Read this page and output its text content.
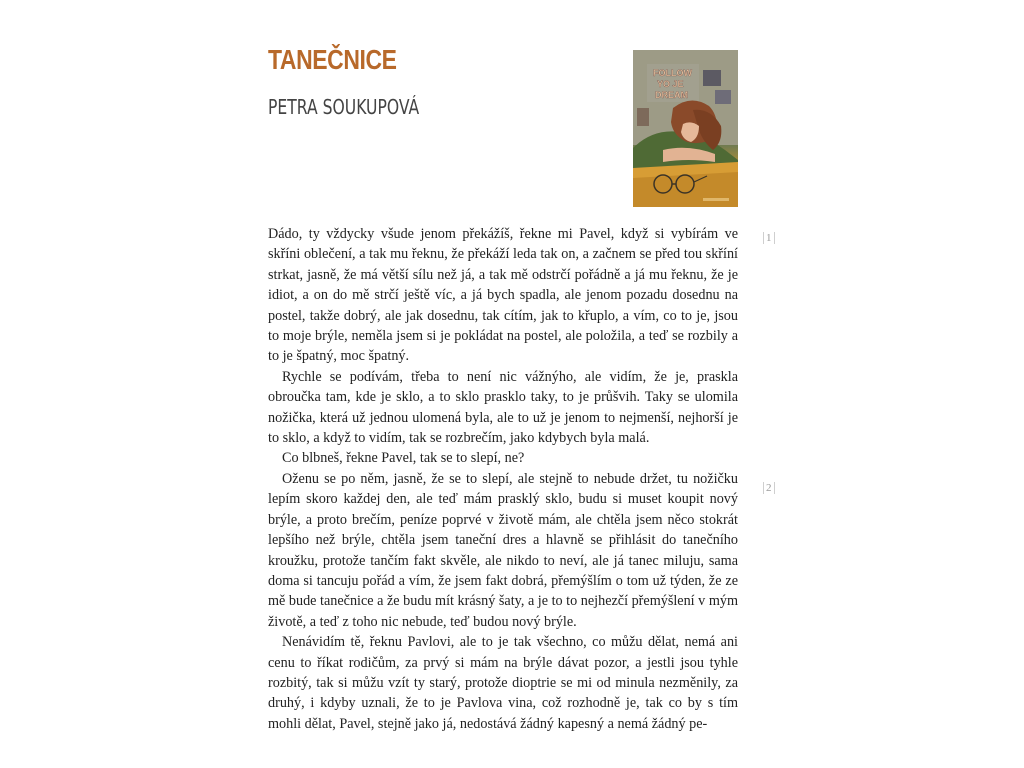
TANEČNICE
PETRA SOUKUPOVÁ
FOLLOW
YO JE
DREAM

Dádo, ty vždycky všude jenom překážíš, řekne mi Pavel, když si vybírám ve skříni oblečení, a tak mu řeknu, že překáží leda tak on, a začnem se před tou skříní strkat, jasně, že má větší sílu než já, a tak mě odstrčí pořádně a já mu řeknu, že je idiot, a on do mě strčí ještě víc, a já bych spadla, ale jenom pozadu dosednu na postel, takže dobrý, ale jak dosednu, tak cítím, jak to křuplo, a vím, co to je, jsou to moje brýle, neměla jsem si je pokládat na postel, ale položila, a teď se rozbily a to je špatný, moc špatný.

Rychle se podívám, třeba to není nic vážnýho, ale vidím, že je, praskla obroučka tam, kde je sklo, a to sklo prasklo taky, to je průšvih. Taky se ulomila nožička, která už jednou ulomená byla, ale to už je jenom to nejmenší, nejhorší je to sklo, a když to vidím, tak se rozbrečím, jako kdybych byla malá.

Co blbneš, řekne Pavel, tak se to slepí, ne?

Oženu se po něm, jasně, že se to slepí, ale stejně to nebude držet, tu nožičku lepím skoro každej den, ale teď mám prasklý sklo, budu si muset koupit nový brýle, a proto brečím, peníze poprvé v životě mám, ale chtěla jsem něco stokrát lepšího než brýle, chtěla jsem taneční dres a hlavně se přihlásit do tanečního kroužku, protože tančím fakt skvěle, ale nikdo to neví, ale já tanec miluju, sama doma si tancuju pořád a vím, že jsem fakt dobrá, přemýšlím o tom už týden, že ze mě bude tanečnice a že budu mít krásný šaty, a je to to nejhezčí přemýšlení v mým životě, a teď z toho nic nebude, teď budou nový brýle.

Nenávidím tě, řeknu Pavlovi, ale to je tak všechno, co můžu dělat, nemá ani cenu to říkat rodičům, za prvý si mám na brýle dávat pozor, a jestli jsou tyhle rozbitý, tak si můžu vzít ty starý, protože dioptrie se mi od minula nezměnily, za druhý, i kdyby uznali, že to je Pavlova vina, což rozhodně je, tak co by s tím mohli dělat, Pavel, stejně jako já, nedostává žádný kapesný a nemá žádný pe-

1
2
